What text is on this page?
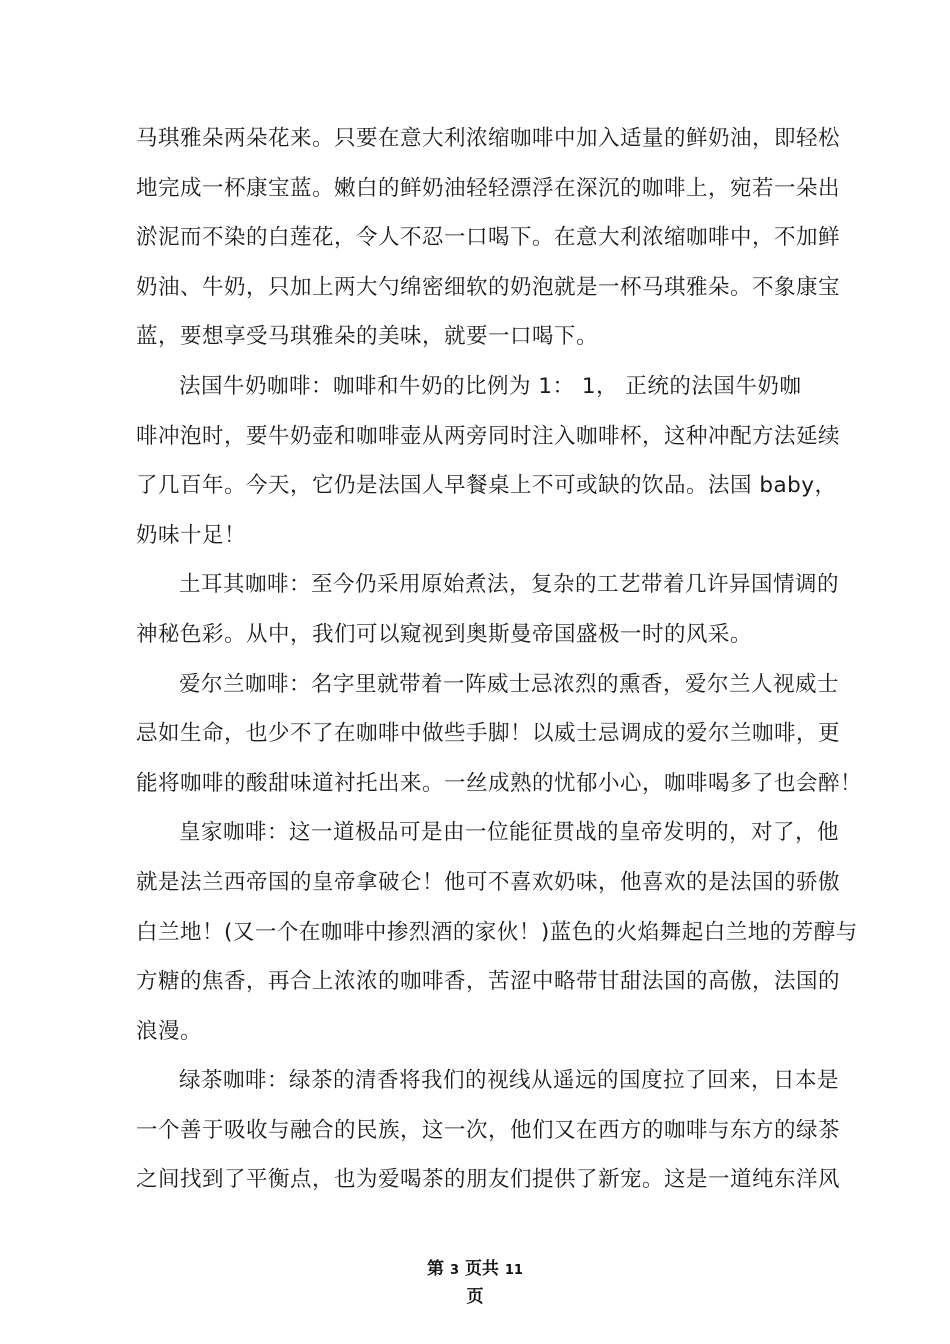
马琪雅朵两朵花来。只要在意大利浓缩咖啡中加入适量的鲜奶油，即轻松
地完成一杯康宝蓝。嫩白的鲜奶油轻轻漂浮在深沉的咖啡上，宛若一朵出
淤泥而不染的白莲花，令人不忍一口喝下。在意大利浓缩咖啡中，不加鲜
奶油、牛奶，只加上两大勺绵密细软的奶泡就是一杯马琪雅朵。不象康宝
蓝，要想享受马琪雅朵的美味，就要一口喝下。

法国牛奶咖啡：咖啡和牛奶的比例为 1： 1， 正统的法国牛奶咖
啡冲泡时，要牛奶壶和咖啡壶从两旁同时注入咖啡杯，这种冲配方法延续
了几百年。今天，它仍是法国人早餐桌上不可或缺的饮品。法国 baby，
奶味十足！

土耳其咖啡：至今仍采用原始煮法，复杂的工艺带着几许异国情调的
神秘色彩。从中，我们可以窥视到奥斯曼帝国盛极一时的风采。

爱尔兰咖啡：名字里就带着一阵威士忌浓烈的熏香，爱尔兰人视威士
忌如生命，也少不了在咖啡中做些手脚！以威士忌调成的爱尔兰咖啡，更
能将咖啡的酸甜味道衬托出来。一丝成熟的忧郁小心，咖啡喝多了也会醉！

皇家咖啡：这一道极品可是由一位能征贯战的皇帝发明的，对了，他
就是法兰西帝国的皇帝拿破仑！他可不喜欢奶味，他喜欢的是法国的骄傲
白兰地！(又一个在咖啡中掺烈酒的家伙！)蓝色的火焰舞起白兰地的芳醇与
方糖的焦香，再合上浓浓的咖啡香，苦涩中略带甘甜法国的高傲，法国的
浪漫。

绿茶咖啡：绿茶的清香将我们的视线从遥远的国度拉了回来，日本是
一个善于吸收与融合的民族，这一次，他们又在西方的咖啡与东方的绿茶
之间找到了平衡点，也为爱喝茶的朋友们提供了新宠。这是一道纯东洋风

第 3 页共 11
页
